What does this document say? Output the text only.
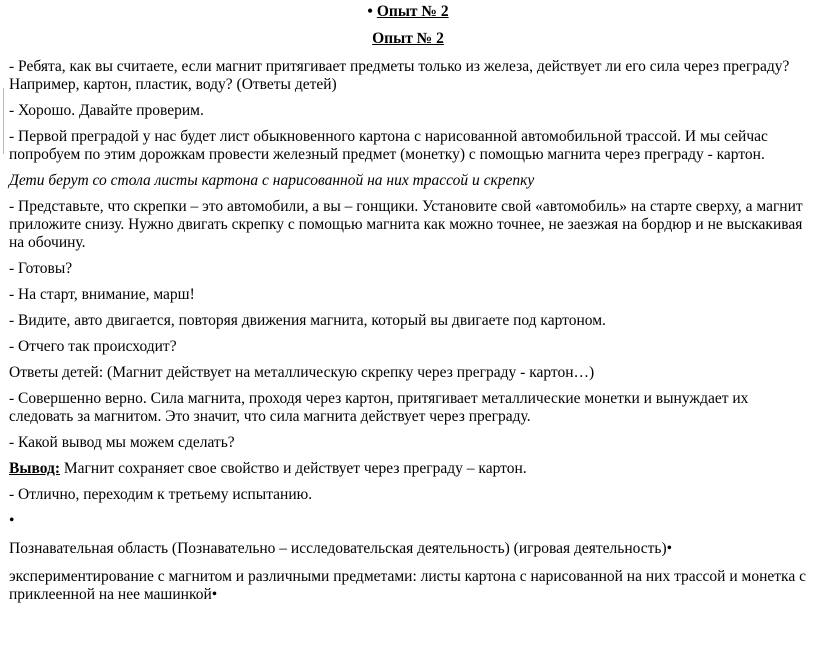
• Опыт № 2
Опыт № 2

- Ребята, как вы считаете, если магнит притягивает предметы только из железа, действует ли его сила через преграду? Например, картон, пластик, воду? (Ответы детей)

- Хорошо. Давайте проверим.

- Первой преградой у нас будет лист обыкновенного картона с нарисованной автомобильной трассой. И мы сейчас попробуем по этим дорожкам провести железный предмет (монетку) с помощью магнита через преграду - картон.

Дети берут со стола листы картона с нарисованной на них трассой и скрепку

- Представьте, что скрепки – это автомобили, а вы – гонщики. Установите свой «автомобиль» на старте сверху, а магнит приложите снизу. Нужно двигать скрепку с помощью магнита как можно точнее, не заезжая на бордюр и не выскакивая на обочину.

- Готовы?

- На старт, внимание, марш!

- Видите, авто двигается, повторяя движения магнита, который вы двигаете под картоном.

- Отчего так происходит?

Ответы детей: (Магнит действует на металлическую скрепку через преграду - картон…)

- Совершенно верно. Сила магнита, проходя через картон, притягивает металлические монетки и вынуждает их следовать за магнитом. Это значит, что сила магнита действует через преграду.

- Какой вывод мы можем сделать?

Вывод: Магнит сохраняет свое свойство и действует через преграду – картон.

- Отлично, переходим к третьему испытанию.

•

Познавательная область (Познавательно – исследовательская деятельность) (игровая деятельность)•

экспериментирование с магнитом и различными предметами: листы картона с нарисованной на них трассой и монетка с приклеенной на нее машинкой•
